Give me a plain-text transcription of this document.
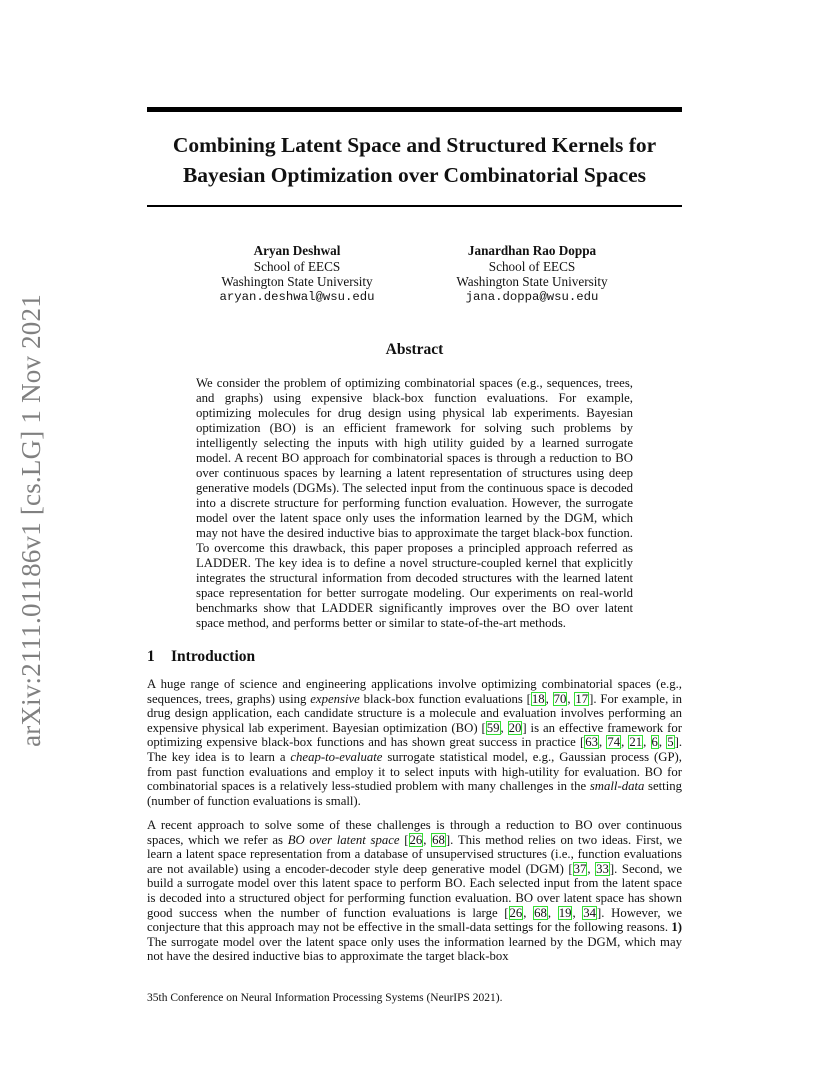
Combining Latent Space and Structured Kernels for
Bayesian Optimization over Combinatorial Spaces
arXiv:2111.01186v1 [cs.LG] 1 Nov 2021
Aryan Deshwal
School of EECS
Washington State University
aryan.deshwal@wsu.edu
Janardhan Rao Doppa
School of EECS
Washington State University
jana.doppa@wsu.edu
Abstract

We consider the problem of optimizing combinatorial spaces (e.g., sequences, trees, and graphs) using expensive black-box function evaluations. For example, optimizing molecules for drug design using physical lab experiments. Bayesian optimization (BO) is an efficient framework for solving such problems by intelligently selecting the inputs with high utility guided by a learned surrogate model. A recent BO approach for combinatorial spaces is through a reduction to BO over continuous spaces by learning a latent representation of structures using deep generative models (DGMs). The selected input from the continuous space is decoded into a discrete structure for performing function evaluation. However, the surrogate model over the latent space only uses the information learned by the DGM, which may not have the desired inductive bias to approximate the target black-box function. To overcome this drawback, this paper proposes a principled approach referred as LADDER. The key idea is to define a novel structure-coupled kernel that explicitly integrates the structural information from decoded structures with the learned latent space representation for better surrogate modeling. Our experiments on real-world benchmarks show that LADDER significantly improves over the BO over latent space method, and performs better or similar to state-of-the-art methods.

1 Introduction

A huge range of science and engineering applications involve optimizing combinatorial spaces (e.g., sequences, trees, graphs) using expensive black-box function evaluations [18, 70, 17]. For example, in drug design application, each candidate structure is a molecule and evaluation involves performing an expensive physical lab experiment. Bayesian optimization (BO) [59, 20] is an effective framework for optimizing expensive black-box functions and has shown great success in practice [63, 74, 21, 6, 5]. The key idea is to learn a cheap-to-evaluate surrogate statistical model, e.g., Gaussian process (GP), from past function evaluations and employ it to select inputs with high-utility for evaluation. BO for combinatorial spaces is a relatively less-studied problem with many challenges in the small-data setting (number of function evaluations is small).

A recent approach to solve some of these challenges is through a reduction to BO over continuous spaces, which we refer as BO over latent space [26, 68]. This method relies on two ideas. First, we learn a latent space representation from a database of unsupervised structures (i.e., function evaluations are not available) using a encoder-decoder style deep generative model (DGM) [37, 33]. Second, we build a surrogate model over this latent space to perform BO. Each selected input from the latent space is decoded into a structured object for performing function evaluation. BO over latent space has shown good success when the number of function evaluations is large [26, 68, 19, 34]. However, we conjecture that this approach may not be effective in the small-data settings for the following reasons. 1) The surrogate model over the latent space only uses the information learned by the DGM, which may not have the desired inductive bias to approximate the target black-box

35th Conference on Neural Information Processing Systems (NeurIPS 2021).
